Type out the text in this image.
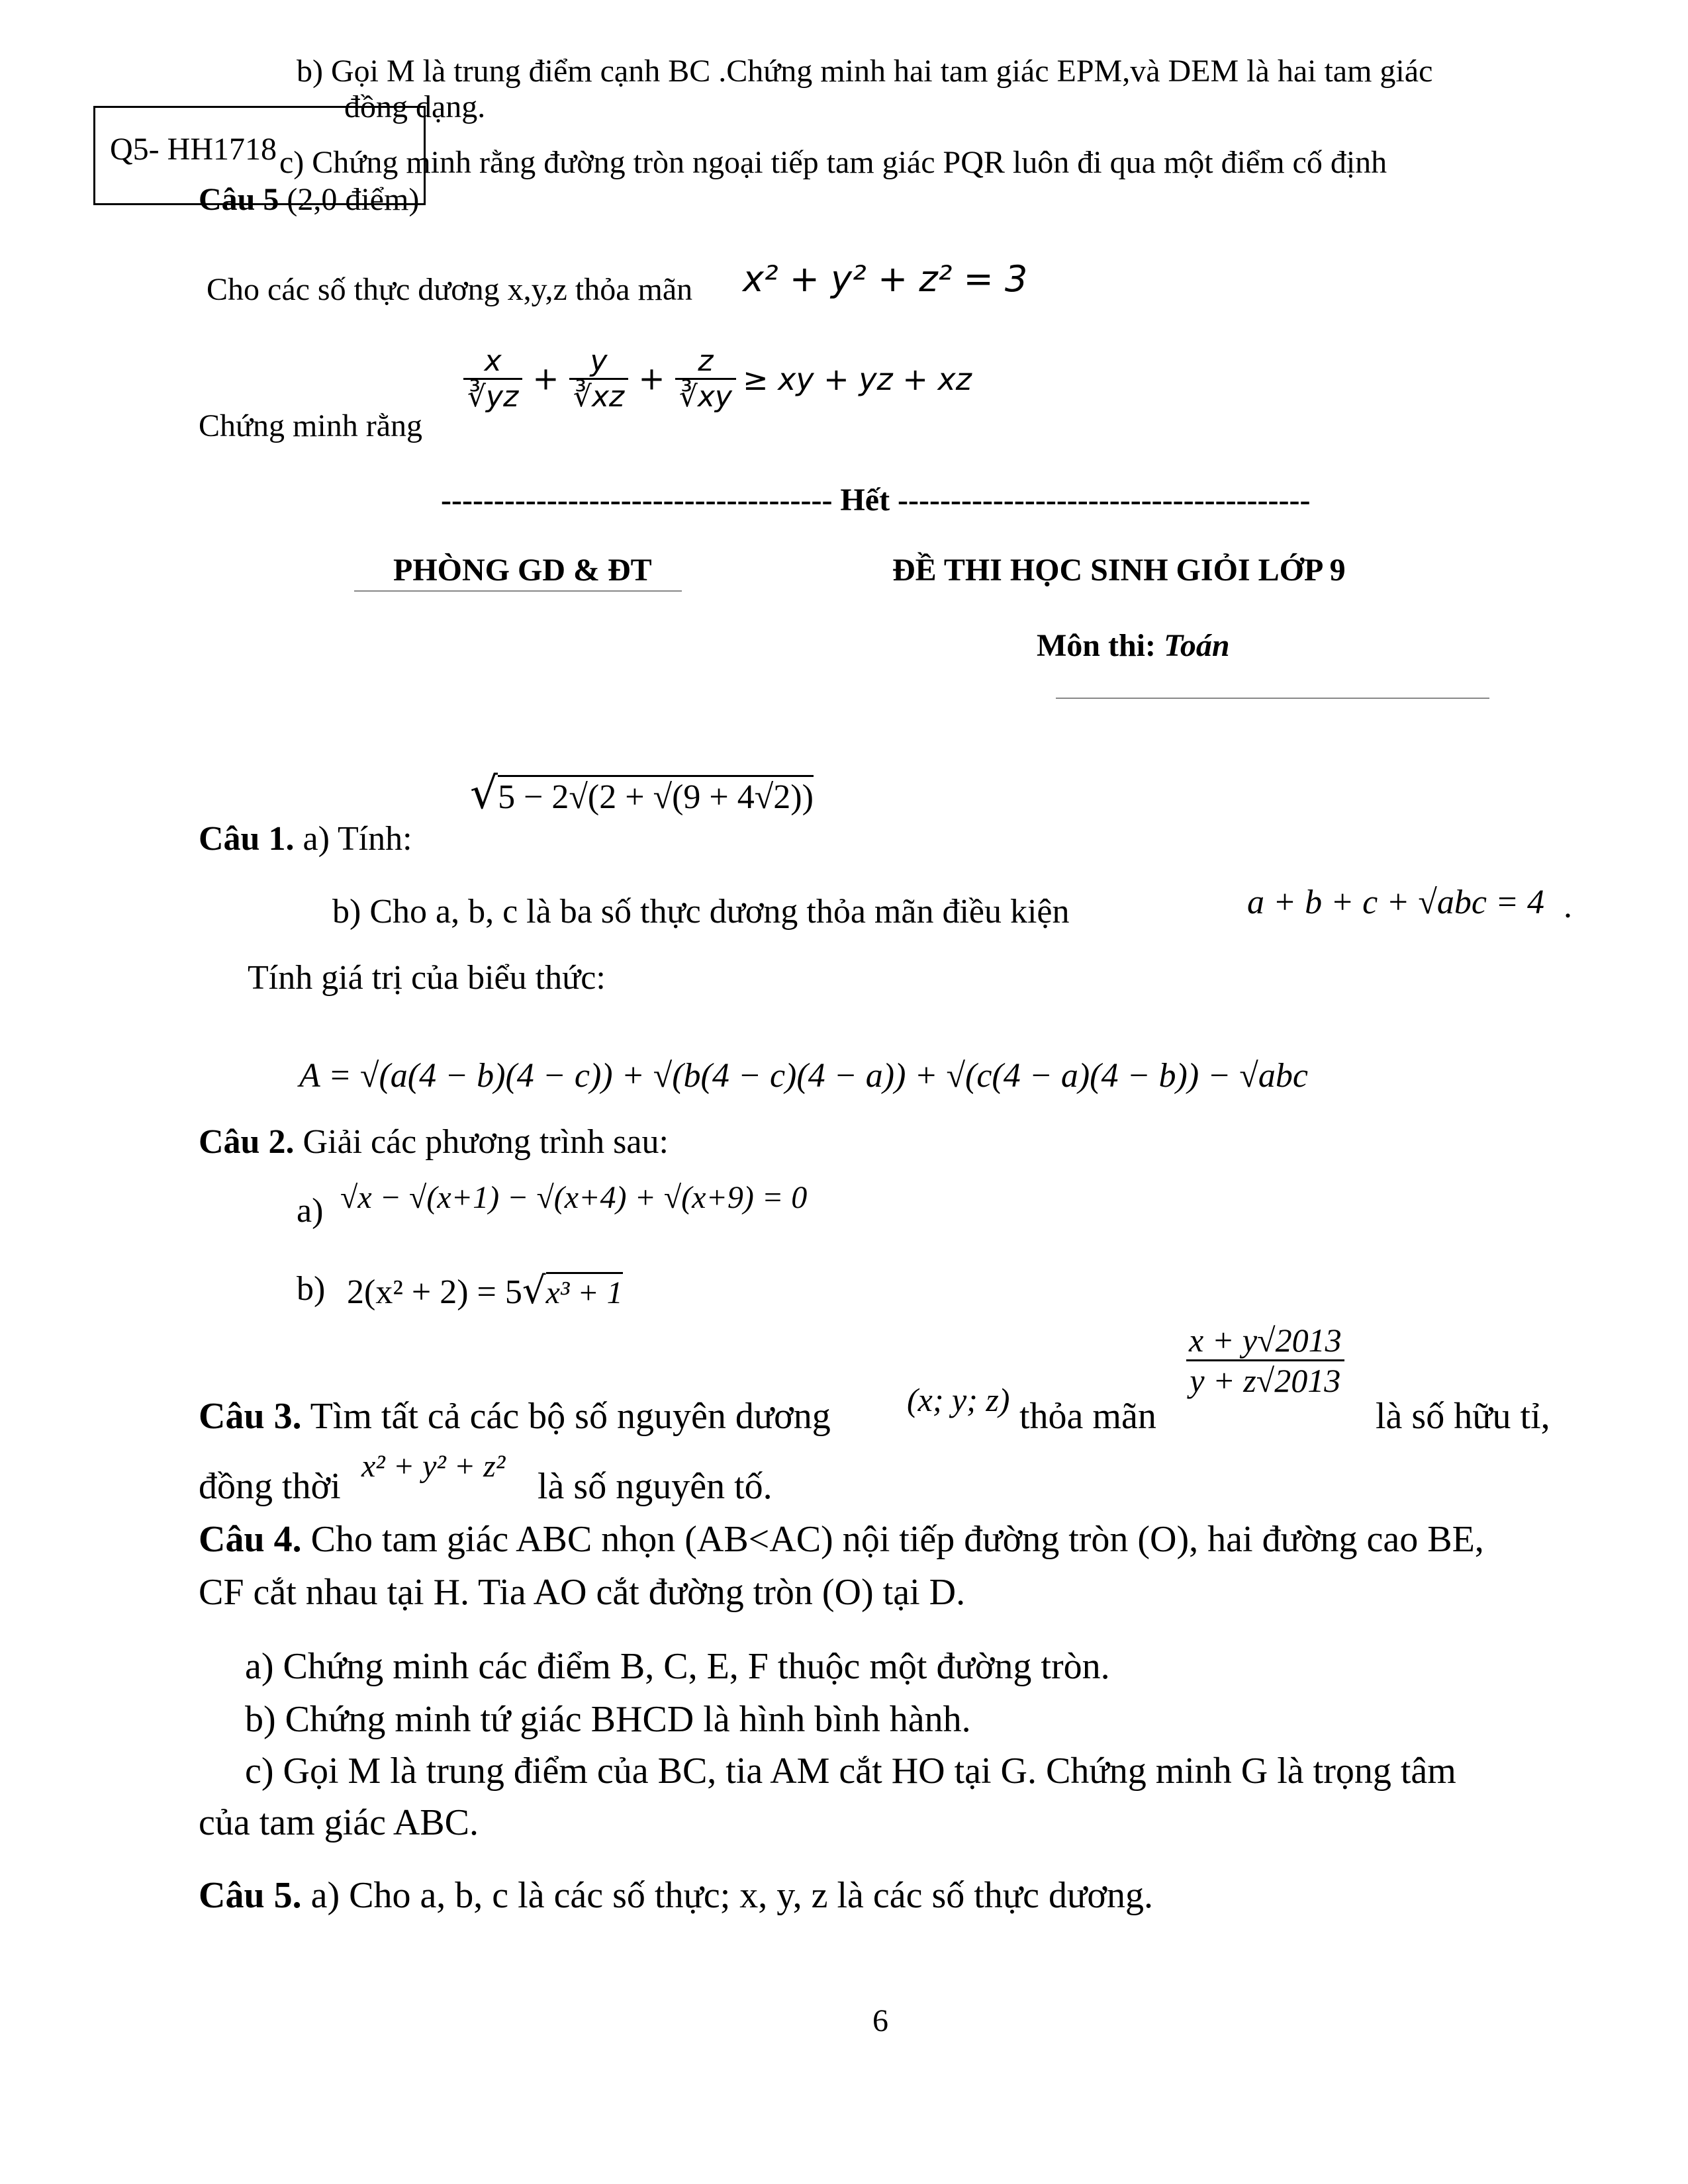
b) Gọi M là trung điểm cạnh BC .Chứng minh hai tam giác EPM,và DEM là hai tam giác
đồng dạng.
Q5- HH1718 c) Chứng minh rằng đường tròn ngoại tiếp tam giác PQR luôn đi qua một điểm cố định
Câu 5 (2,0 điểm)
Cho các số thực dương x,y,z thỏa mãn x² + y² + z² = 3
Chứng minh rằng
$\frac{x}{∛yz} + \frac{y}{∛xz} + \frac{z}{∛xy}$ ≥ xy + yz + xz
------------------------------------- Hết ---------------------------------------
PHÒNG GD & ĐT	ĐỀ THI HỌC SINH GIỎI LỚP 9
Môn thi: Toán
Câu 1. a) Tính:
√5 − 2√(2 + √(9 + 4√2))
b) Cho a, b, c là ba số thực dương thỏa mãn điều kiện	a + b + c + √abc = 4 .
Tính giá trị của biểu thức:
A = √(a(4 − b)(4 − c)) + √(b(4 − c)(4 − a)) + √(c(4 − a)(4 − b)) − √abc
Câu 2. Giải các phương trình sau:
a) √x − √(x+1) − √(x+4) + √(x+9) = 0
b) 2(x² + 2) = 5√x³ + 1
Câu 3. Tìm tất cả các bộ số nguyên dương (x; y; z) thỏa mãn
$\frac{x + y√2013}{y + z√2013}$
là số hữu tỉ,
đồng thời x² + y² + z² là số nguyên tố.
Câu 4. Cho tam giác ABC nhọn (AB<AC) nội tiếp đường tròn (O), hai đường cao BE,
CF cắt nhau tại H. Tia AO cắt đường tròn (O) tại D.
a) Chứng minh các điểm B, C, E, F thuộc một đường tròn.
b) Chứng minh tứ giác BHCD là hình bình hành.
c) Gọi M là trung điểm của BC, tia AM cắt HO tại G. Chứng minh G là trọng tâm
của tam giác ABC.
Câu 5. a) Cho a, b, c là các số thực; x, y, z là các số thực dương.
6
